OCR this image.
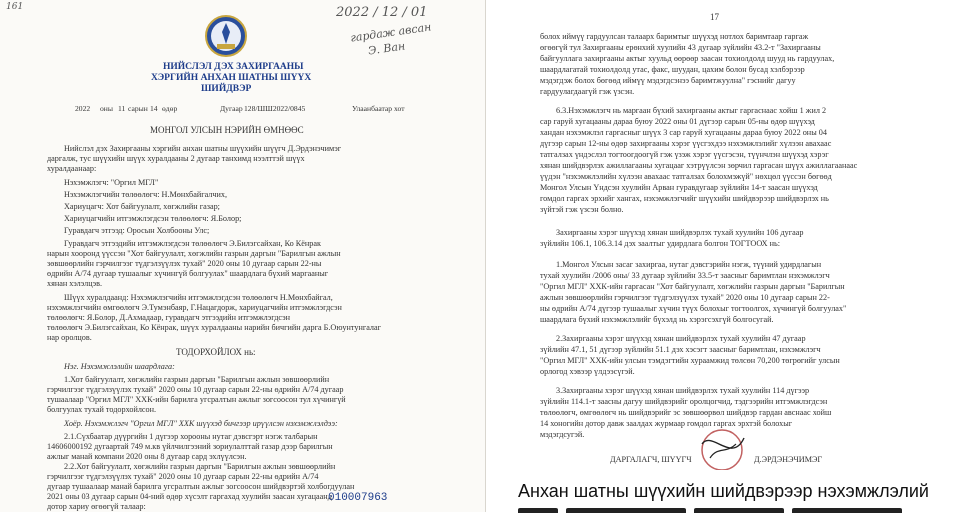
161	2022 / 12 / 01
гардаж авсан
Э. Ван
НИЙСЛЭЛ ДЭХ ЗАХИРГААНЫ
ХЭРГИЙН АНХАН ШАТНЫ ШҮҮХ
ШИЙДВЭР
2022 оны 11 сарын 14 өдөр	Дугаар 128/ШШ2022/0845	Улаанбаатар хот
МОНГОЛ УЛСЫН НЭРИЙН ӨМНӨӨС
Нийслэл дэх Захиргааны хэргийн анхан шатны шүүхийн шүүгч Д.Эрдэнэчимэг
даргалж, тус шүүхийн шүүх хуралдааны 2 дугаар танхимд нээлттэй шүүх
хуралдаанаар:
Нэхэмжлэгч: "Оргил МГЛ"
Нэхэмжлэгчийн төлөөлөгч: Н.Мөнхбайгалчих,
Хариуцагч: Хот байгуулалт, хөгжлийн газар;
Хариуцагчийн итгэмжлэгдсэн төлөөлөгч: Я.Болор;
Гуравдагч этгээд: Оросын Холбооны Улс;
Гуравдагч этгээдийн итгэмжлэгдсэн төлөөлөгч Э.Билэгсайхан, Ко Кёнрак
нарын хооронд үүссэн "Хот байгуулалт, хөгжлийн газрын даргын "Барилгын ажлын
зөвшөөрлийн гэрчилгээг түдгэлзүүлэх тухай" 2020 оны 10 дугаар сарын 22-ны
өдрийн А/74 дугаар тушаалыг хүчингүй болгуулах" шаардлага бүхий маргааныг
хянан хэлэлцэв.
Шүүх хуралдаанд: Нэхэмжлэгчийн итгэмжлэгдсэн төлөөлөгч Н.Мөнхбайгал,
нэхэмжлэгчийн өмгөөлөгч Э.Тумэнбаяр, Г.Нацагдорж, хариуцагчийн итгэмжлэгдсэн
төлөөлөгч: Я.Болор, Д.Ахмадаар, гуравдагч этгээдийн итгэмжлэгдсэн
төлөөлөгч Э.Билэгсайхан, Ко Кёнрак, шүүх хуралдааны нарийн бичгийн дарга Б.Оюунтунгалаг
нар оролцов.
ТОДОРХОЙЛОХ нь:
Нэг. Нэхэмжлэлийн шаардлага:
1.Хот байгуулалт, хөгжлийн газрын даргын "Барилгын ажлын зөвшөөрлийн
гэрчилгээг түдгэлзүүлэх тухай" 2020 оны 10 дугаар сарын 22-ны өдрийн А/74 дугаар
тушаалаар "Оргил МГЛ" ХХК-ийн барилга угсралтын ажлыг зогсоосон тул хүчингүй
болгуулах тухай тодорхойлсон.
Хоёр. Нэхэмжлэгч "Оргил МГЛ" ХХК шүүхэд бичгээр ирүүлсэн нэхэмжлэлдээ:
2.1.Сүхбаатар дүүргийн 1 дүгээр хорооны нутаг дэвсгэрт нэгж талбарын
14606000192 дугаартай 749 м.кв үйлчилгээний зориулалттай газар дээр барилгын
ажлыг манай компани 2020 оны 8 дугаар сард эхлүүлсэн.
2.2.Хот байгуулалт, хөгжлийн газрын даргын "Барилгын ажлын зөвшөөрлийн
гэрчилгээг түдгэлзүүлэх тухай" 2020 оны 10 дугаар сарын 22-ны өдрийн А/74
дугаар тушаалаар манай барилга угсралтын ажлыг зогсоосон шийдвэртэй холбогдуулан
2021 оны 03 дугаар сарын 04-ний өдөр хүсэлт гаргахад хуулийн заасан хугацаанд
дотор хариу өгөөгүй талаар:
010007963
17
болох иймүү гардуулсан талаарх баримтыг шүүхэд нотлох баримтаар гаргаж
өгөөгүй тул Захиргааны ерөнхий хуулийн 43 дугаар зүйлийн 43.2-т "Захиргааны
байгууллага захиргааны актыг хуульд өөрөөр заасан тохиолдолд шууд нь гардуулах,
шаардлагатай тохиолдолд утас, факс, шуудан, цахим болон бусад хэлбэрээр
мэдэгдэж болох бөгөөд иймүү мэдэгдсэнээ баримтжуулна" гэснийг дагуу
гардуулагдаагүй гэж үзсэн.
6.3.Нэхэмжлэгч нь маргаан бүхий захиргааны актыг гаргаснаас хойш 1 жил 2
сар гаруй хугацааны дараа буюу 2022 оны 01 дүгээр сарын 05-ны өдөр шүүхэд
хандан нэхэмжлэл гаргасныг шүүх 3 сар гаруй хугацааны дараа буюу 2022 оны 04
дүгээр сарын 12-ны өдөр захиргааны хэрэг үүсгэхдээ нэхэмжлэлийг хүлээн авахаас
татгалзах үндэслэл тогтоогдоогүй гэж үзэж хэрэг үүсгэсэн, түүнчлэн шүүхэд хэрэг
хянан шийдвэрлэх ажиллагааны хугацааг хэтрүүлсэн зөрчил гаргасан шүүх ажиллагаанаас
үүдэн "нэхэмжлэлийн хүлээн авахаас татгалзах болохмэжүй" нөхцөл үүссэн бөгөөд
Монгол Улсын Үндсэн хуулийн Арван гуравдугаар зүйлийн 14-т заасан шүүхэд
гомдол гаргах эрхийг хангах, нэхэмжлэгчийг шүүхийн шийдвэрээр шийдвэрлэх нь
зүйтэй гэж үзсэн болно.
Захиргааны хэрэг шүүхэд хянан шийдвэрлэх тухай хуулийн 106 дугаар
зүйлийн 106.1, 106.3.14 дэх заалтыг удирдлага болгон ТОГТООХ нь:
1.Монгол Улсын засаг захиргаа, нутаг дэвсгэрийн нэгж, түүний удирдлагын
тухай хуулийн /2006 оны/ 33 дугаар зүйлийн 33.5-т заасныг баримтлан нэхэмжлэгч
"Оргил МГЛ" ХХК-ийн гаргасан "Хот байгуулалт, хөгжлийн газрын даргын "Барилгын
ажлын зөвшөөрлийн гэрчилгээг түдгэлзүүлэх тухай" 2020 оны 10 дугаар сарын 22-
ны өдрийн А/74 дүгээр тушаалыг хүчин түүх болохыг тогтоолгох, хүчингүй болгуулах"
шаардлага бүхий нэхэмжлэлийг бүхэлд нь хэрэгсэхгүй болгосугай.
2.Захиргааны хэрэг шүүхэд хянан шийдвэрлэх тухай хуулийн 47 дугаар
зүйлийн 47.1, 51 дүгээр зүйлийн 51.1 дэх хэсэгт заасныг баримтлан, нэхэмжлэгч
"Оргил МГЛ" ХХК-ийн улсын тэмдэгтийн хураамжид төлсөн 70,200 төгрөгийг улсын
орлогод хэвээр үлдээсүгэй.
3.Захиргааны хэрэг шүүхэд хянан шийдвэрлэх тухай хуулийн 114 дүгээр
зүйлийн 114.1-т заасны дагуу шийдвэрийг оролцогчид, тэдгээрийн итгэмжлэгдсэн
төлөөлөгч, өмгөөлөгч нь шийдвэрийг эс зөвшөөрвөл шийдвэр гардан авснаас хойш
14 хоногийн дотор давж заалдах журмаар гомдол гаргах эрхтэй болохыг
мэдэгдсугэй.
ДАРГАЛАГЧ, ШҮҮГЧ	Д.ЭРДЭНЭЧИМЭГ
Анхан шатны шүүхийн шийдвэрээр нэхэмжлэлий
